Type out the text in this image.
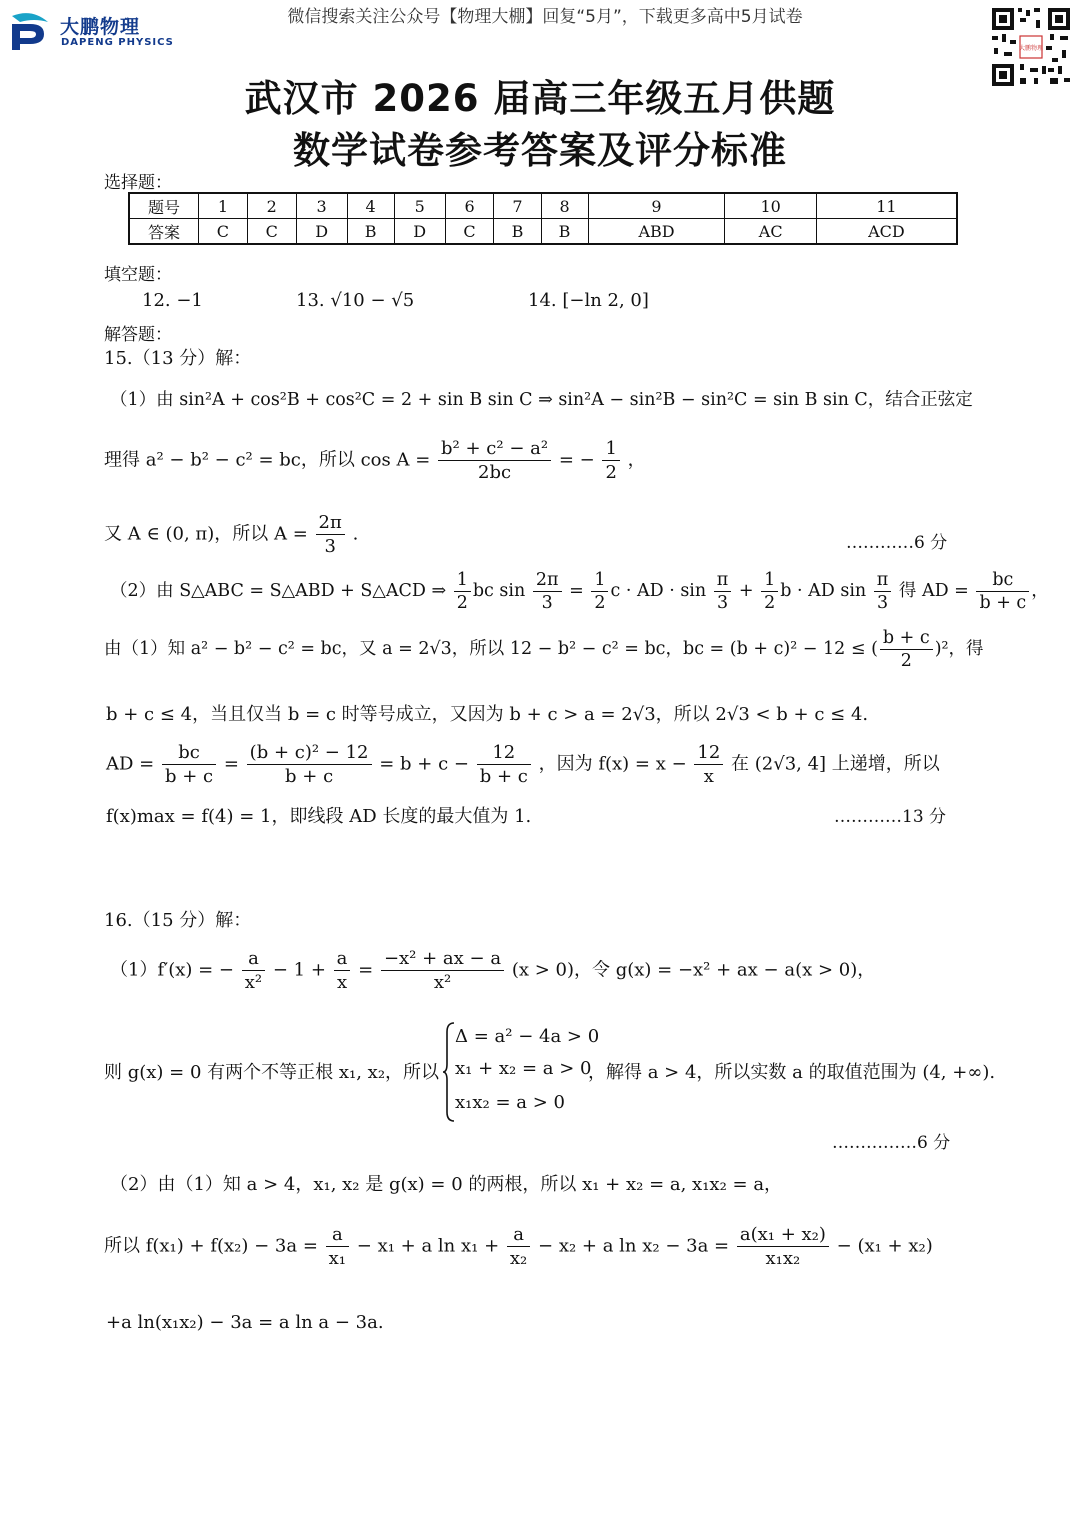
大鹏物理
DAPENG PHYSICS
微信搜索关注公众号【物理大棚】回复“5月”，下载更多高中5月试卷
大鹏物理
武汉市 2026 届高三年级五月供题
数学试卷参考答案及评分标准
选择题：
题号	1	2	3	4	5	6	7	8	9	10	11
答案	C	C	D	B	D	C	B	B	ABD	AC	ACD
填空题：
12. −1	13. √10 − √5	14. [−ln 2, 0]
解答题：
15.（13 分）解：
（1）由 sin²A + cos²B + cos²C = 2 + sin B sin C ⇒ sin²A − sin²B − sin²C = sin B sin C，结合正弦定
理得 a² − b² − c² = bc，所以 $\cos A = \frac{\text{b² + c² − a²}}{2bc}$ = − $\frac{1}{2}$ ，
又 A ∈ (0, π)，所以 $A = \frac{2\pi}{3}$ .	…………6 分
（2）由 S△ABC = S△ABD + S△ACD ⇒ $\frac{1}{2}$ bc $\sin \frac{2\pi}{3} = \frac{1}{2}$ c · AD · $\sin \frac{\pi}{3} + \frac{1}{2}$ b · AD $\sin \frac{\pi}{3}$ 得 AD = $\frac{bc}{b + c}$ ，
由（1）知 a² − b² − c² = bc，又 a = 2√3，所以 12 − b² − c² = bc，bc = (b + c)² − 12 ≤ ( $\frac{b + c}{2} )^2$，得
b + c ≤ 4，当且仅当 b = c 时等号成立，又因为 b + c > a = 2√3，所以 2√3 < b + c ≤ 4.
AD = $\frac{bc}{b + c} = \frac{\text{(b + c)² − 12}}{b + c} = b + c - \frac{12}{b + c}$ ，因为 $f(x) = x - \frac{12}{x}$ 在 (2√3, 4] 上递增，所以
f(x)max = f(4) = 1，即线段 AD 长度的最大值为 1.	…………13 分
16.（15 分）解：
（1）f′(x) = − $\frac{a}{\text{x²}} - 1 + \frac{a}{x} = \frac{\text{−x² + ax − a}}{\text{x²}} (x > 0)$，令 g(x) = −x² + ax − a(x > 0)，
则 g(x) = 0 有两个不等正根 x₁, x₂，所以
Δ = a² − 4a > 0
x₁ + x₂ = a > 0
x₁x₂ = a > 0
，解得 a > 4，所以实数 a 的取值范围为 (4, +∞).
……………6 分
（2）由（1）知 a > 4，x₁, x₂ 是 g(x) = 0 的两根，所以 x₁ + x₂ = a, x₁x₂ = a，
所以 $f(x_1) + f(x_2) - 3a = \frac{a}{\text{x₁}} - x_1 + a$ $\ln x_1 + \frac{a}{\text{x₂}} - x_2 + a$ $\ln x_2 - 3a = \frac{\text{a(x₁ + x₂)}}{\text{x₁x₂}} - (x_1 + x_2)$
+a ln(x₁x₂) − 3a = a ln a − 3a.
